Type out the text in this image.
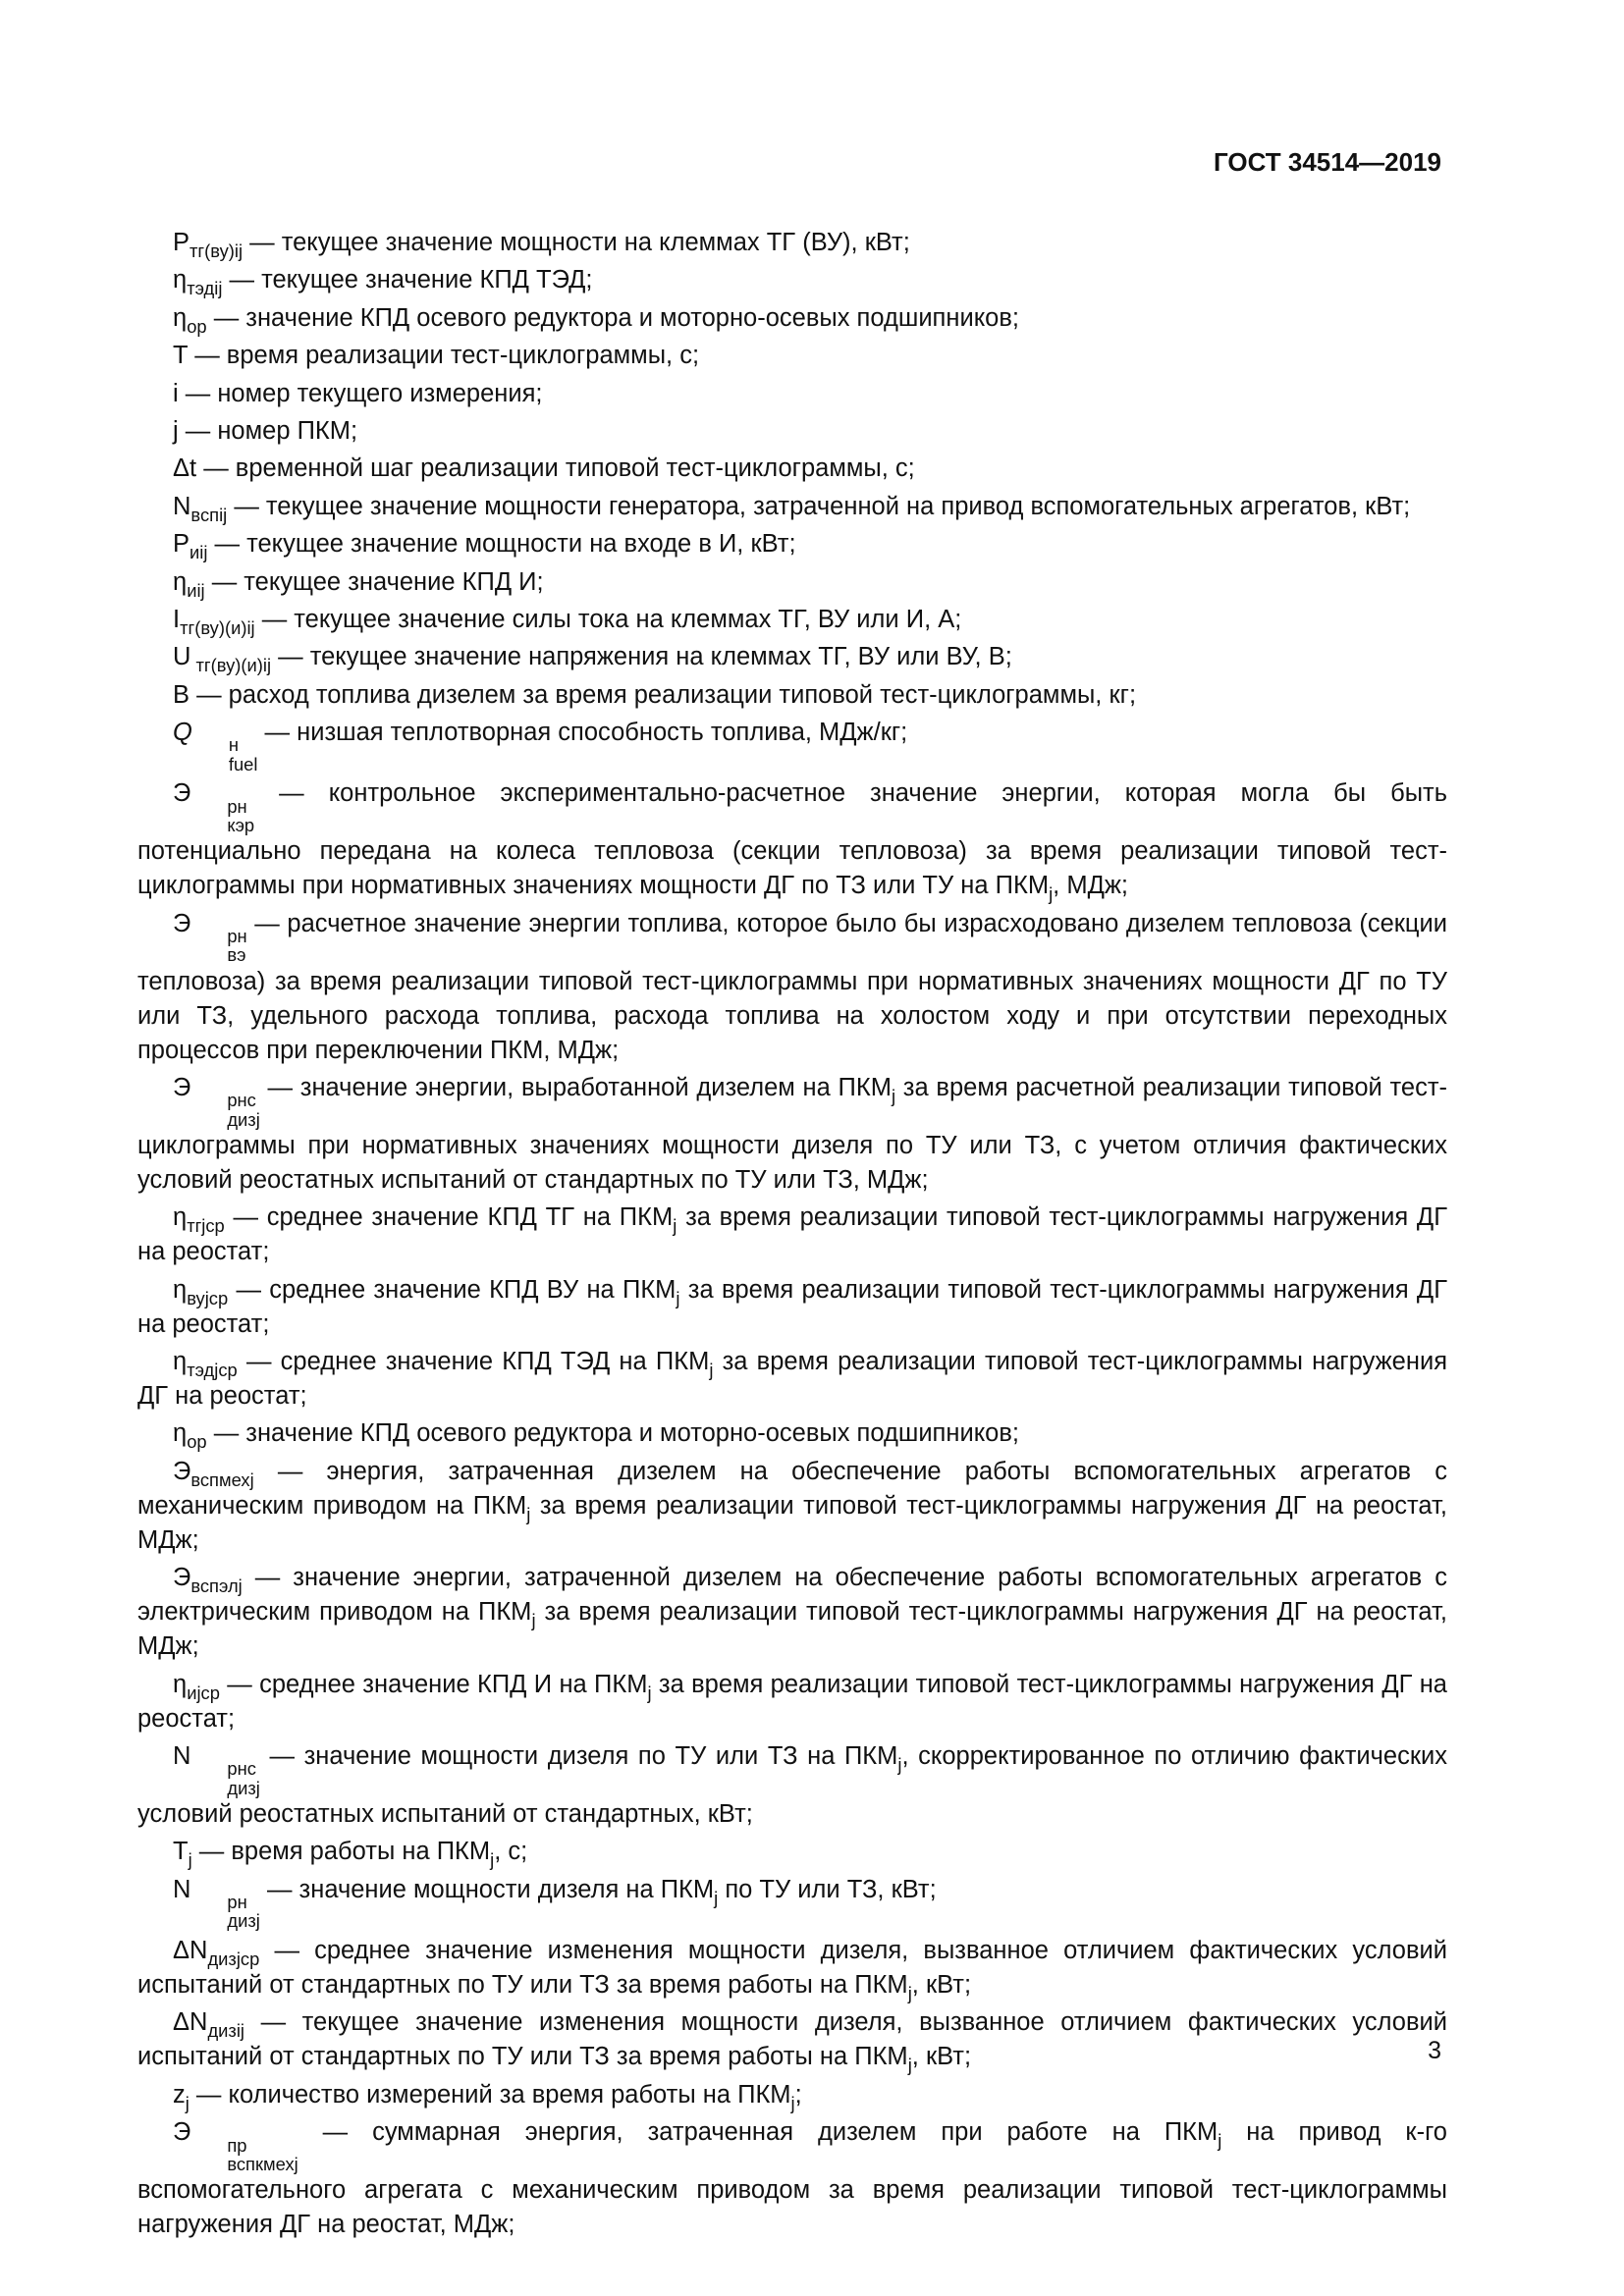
ГОСТ 34514—2019

$P_{тг(ву)ij}$ — текущее значение мощности на клеммах ТГ (ВУ), кВт;

$\eta_{тэдij}$ — текущее значение КПД ТЭД;

$\eta_{ор}$ — значение КПД осевого редуктора и моторно-осевых подшипников;

T — время реализации тест-циклограммы, с;

i — номер текущего измерения;

j — номер ПКМ;

Δt — временной шаг реализации типовой тест-циклограммы, с;

$N_{вспij}$ — текущее значение мощности генератора, затраченной на привод вспомогательных агрегатов, кВт;

$P_{иij}$ — текущее значение мощности на входе в И, кВт;

$\eta_{иij}$ — текущее значение КПД И;

$I_{тг(ву)(и)ij}$ — текущее значение силы тока на клеммах ТГ, ВУ или И, А;

U $_{тг(ву)(и)ij}$ — текущее значение напряжения на клеммах ТГ, ВУ или ВУ, В;

B — расход топлива дизелем за время реализации типовой тест-циклограммы, кг;

Q	н
fuel
— низшая теплотворная способность топлива, МДж/кг;

Э	рн
кэр
— контрольное экспериментально-расчетное значение энергии, которая могла бы быть потенциально передана на колеса тепловоза (секции тепловоза) за время реализации типовой тест-циклограммы при нормативных значениях мощности ДГ по ТЗ или ТУ на $ПКМ_j$, МДж;

Э	рн
вэ
— расчетное значение энергии топлива, которое было бы израсходовано дизелем тепловоза (секции тепловоза) за время реализации типовой тест-циклограммы при нормативных значениях мощности ДГ по ТУ или ТЗ, удельного расхода топлива, расхода топлива на холостом ходу и при отсутствии переходных процессов при переключении ПКМ, МДж;

Э	рнс
дизj
— значение энергии, выработанной дизелем на $ПКМ_j$ за время расчетной реализации типовой тест-циклограммы при нормативных значениях мощности дизеля по ТУ или ТЗ, с учетом отличия фактических условий реостатных испытаний от стандартных по ТУ или ТЗ, МДж;

$\eta_{тгjср}$ — среднее значение КПД ТГ на $ПКМ_j$ за время реализации типовой тест-циклограммы нагружения ДГ на реостат;

$\eta_{вуjср}$ — среднее значение КПД ВУ на $ПКМ_j$ за время реализации типовой тест-циклограммы нагружения ДГ на реостат;

$\eta_{тэдjср}$ — среднее значение КПД ТЭД на $ПКМ_j$ за время реализации типовой тест-циклограммы нагружения ДГ на реостат;

$\eta_{ор}$ — значение КПД осевого редуктора и моторно-осевых подшипников;

$Э_{вспмехj}$ — энергия, затраченная дизелем на обеспечение работы вспомогательных агрегатов с механическим приводом на $ПКМ_j$ за время реализации типовой тест-циклограммы нагружения ДГ на реостат, МДж;

$Э_{вспэлj}$ — значение энергии, затраченной дизелем на обеспечение работы вспомогательных агрегатов с электрическим приводом на $ПКМ_j$ за время реализации типовой тест-циклограммы нагружения ДГ на реостат, МДж;

$\eta_{иjср}$ — среднее значение КПД И на $ПКМ_j$ за время реализации типовой тест-циклограммы нагружения ДГ на реостат;

N	рнс
дизj
— значение мощности дизеля по ТУ или ТЗ на $ПКМ_j$, скорректированное по отличию фактических условий реостатных испытаний от стандартных, кВт;

$T_j$ — время работы на $ПКМ_j$, с;

N	рн
дизj
— значение мощности дизеля на $ПКМ_j$ по ТУ или ТЗ, кВт;

$\Delta N_{дизjср}$ — среднее значение изменения мощности дизеля, вызванное отличием фактических условий испытаний от стандартных по ТУ или ТЗ за время работы на $ПКМ_j$, кВт;

$\Delta N_{дизij}$ — текущее значение изменения мощности дизеля, вызванное отличием фактических условий испытаний от стандартных по ТУ или ТЗ за время работы на $ПКМ_j$, кВт;

$z_j$ — количество измерений за время работы на $ПКМ_j$;

Э	пр
вспкмехj
— суммарная энергия, затраченная дизелем при работе на $ПКМ_j$ на привод к-го вспомогательного агрегата с механическим приводом за время реализации типовой тест-циклограммы нагружения ДГ на реостат, МДж;

3
